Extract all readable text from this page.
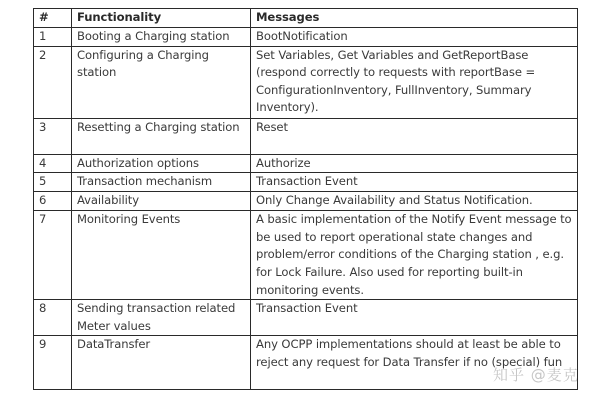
#	Functionality	Messages
1	Booting a Charging station	BootNotification
2	Configuring a Charging station	Set Variables, Get Variables and GetReportBase (respond correctly to requests with reportBase = ConfigurationInventory, FullInventory, Summary Inventory).
3	Resetting a Charging station	Reset
4	Authorization options	Authorize
5	Transaction mechanism	Transaction Event
6	Availability	Only Change Availability and Status Notification.
7	Monitoring Events	A basic implementation of the Notify Event message to be used to report operational state changes and problem/error conditions of the Charging station , e.g. for Lock Failure. Also used for reporting built-in monitoring events.
8	Sending transaction related Meter values	Transaction Event
9	DataTransfer	Any OCPP implementations should at least be able to reject any request for Data Transfer if no (special) fun
知乎 @麦克
